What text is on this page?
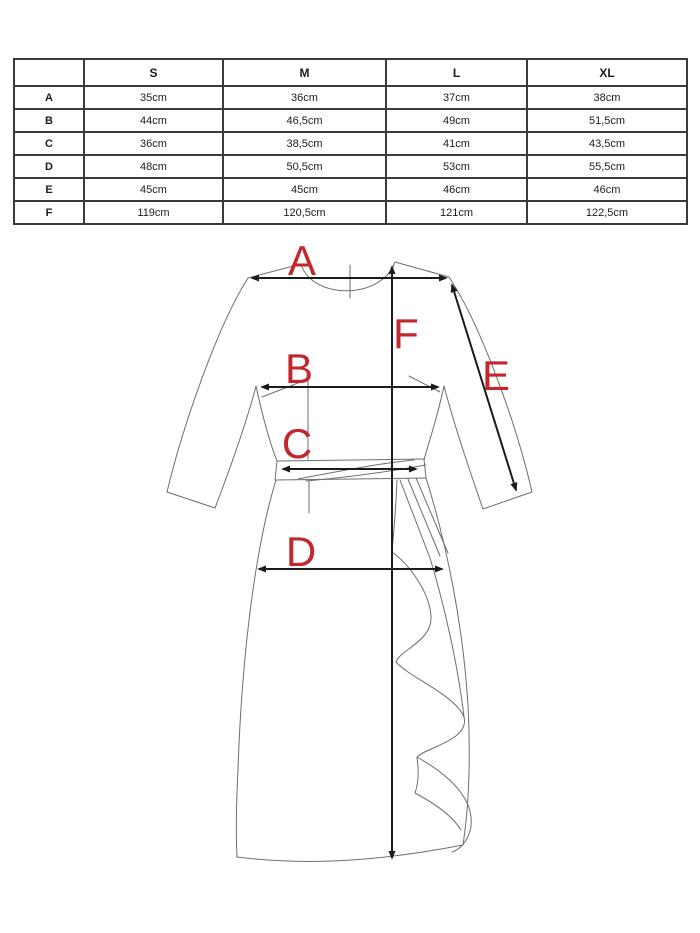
	S	M	L	XL
A	35cm	36cm	37cm	38cm
B	44cm	46,5cm	49cm	51,5cm
C	36cm	38,5cm	41cm	43,5cm
D	48cm	50,5cm	53cm	55,5cm
E	45cm	45cm	46cm	46cm
F	119cm	120,5cm	121cm	122,5cm
A
B
C
D
E
F
